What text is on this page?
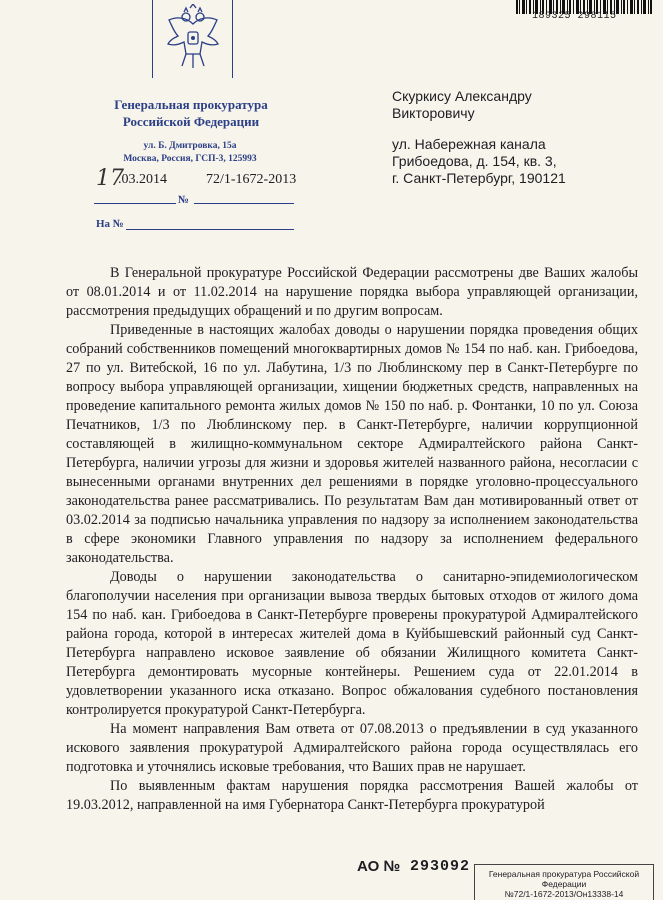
Генеральная прокуратура
Российской Федерации
ул. Б. Дмитровка, 15а
Москва, Россия, ГСП-3, 125993
17
.03.2014	72/1-1672-2013
№
На №
189325 298115
Скуркису Александру
Викторовичу
ул. Набережная канала
Грибоедова, д. 154, кв. 3,
г. Санкт-Петербург, 190121

В Генеральной прокуратуре Российской Федерации рассмотрены две Ваших жалобы от 08.01.2014 и от 11.02.2014 на нарушение порядка выбора управляющей организации, рассмотрения предыдущих обращений и по другим вопросам.

Приведенные в настоящих жалобах доводы о нарушении порядка проведения общих собраний собственников помещений многоквартирных домов № 154 по наб. кан. Грибоедова, 27 по ул. Витебской, 16 по ул. Лабутина, 1/3 по Люблинскому пер в Санкт-Петербурге по вопросу выбора управляющей организации, хищении бюджетных средств, направленных на проведение капитального ремонта жилых домов № 150 по наб. р. Фонтанки, 10 по ул. Союза Печатников, 1/3 по Люблинскому пер. в Санкт-Петербурге, наличии коррупционной составляющей в жилищно-коммунальном секторе Адмиралтейского района Санкт-Петербурга, наличии угрозы для жизни и здоровья жителей названного района, несогласии с вынесенными органами внутренних дел решениями в порядке уголовно-процессуального законодательства ранее рассматривались. По результатам Вам дан мотивированный ответ от 03.02.2014 за подписью начальника управления по надзору за исполнением законодательства в сфере экономики Главного управления по надзору за исполнением федерального законодательства.

Доводы о нарушении законодательства о санитарно-эпидемиологическом благополучии населения при организации вывоза твердых бытовых отходов от жилого дома 154 по наб. кан. Грибоедова в Санкт-Петербурге проверены прокуратурой Адмиралтейского района города, которой в интересах жителей дома в Куйбышевский районный суд Санкт-Петербурга направлено исковое заявление об обязании Жилищного комитета Санкт-Петербурга демонтировать мусорные контейнеры. Решением суда от 22.01.2014 в удовлетворении указанного иска отказано. Вопрос обжалования судебного постановления контролируется прокуратурой Санкт-Петербурга.

На момент направления Вам ответа от 07.08.2013 о предъявлении в суд указанного искового заявления прокуратурой Адмиралтейского района города осуществлялась его подготовка и уточнялись исковые требования, что Ваших прав не нарушает.

По выявленным фактам нарушения порядка рассмотрения Вашей жалобы от 19.03.2012, направленной на имя Губернатора Санкт-Петербурга прокуратурой

АО № 293092	Генеральная прокуратура Российской
Федерации
№72/1-1672-2013/Он13338-14
